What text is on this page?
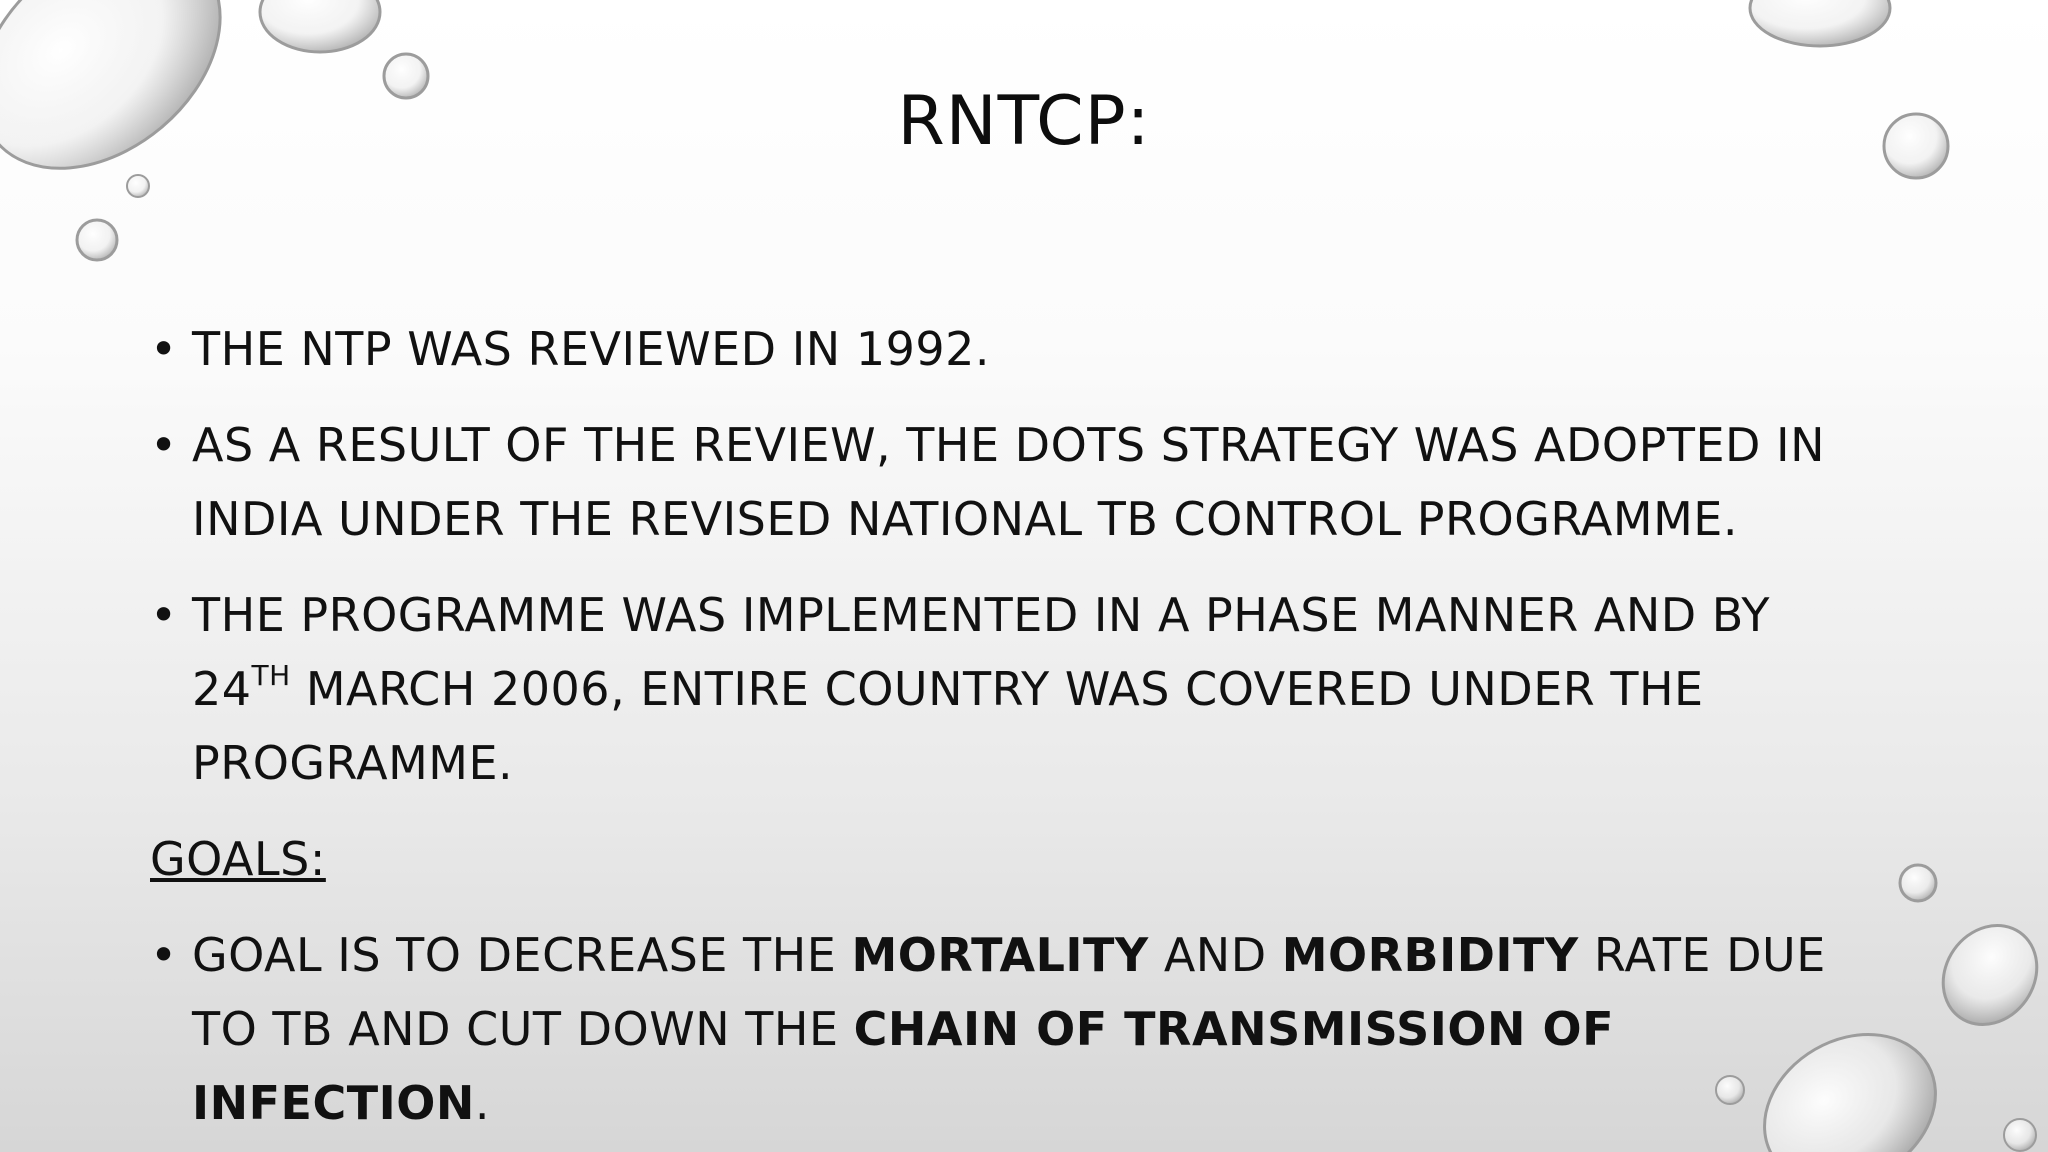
RNTCP:
• THE NTP WAS REVIEWED IN 1992.
• AS A RESULT OF THE REVIEW, THE DOTS STRATEGY WAS ADOPTED IN INDIA UNDER THE REVISED NATIONAL TB CONTROL PROGRAMME.
• THE PROGRAMME WAS IMPLEMENTED IN A PHASE MANNER AND BY 24TH MARCH 2006, ENTIRE COUNTRY WAS COVERED UNDER THE PROGRAMME.
GOALS:
• GOAL IS TO DECREASE THE MORTALITY AND MORBIDITY RATE DUE TO TB AND CUT DOWN THE CHAIN OF TRANSMISSION OF INFECTION.
